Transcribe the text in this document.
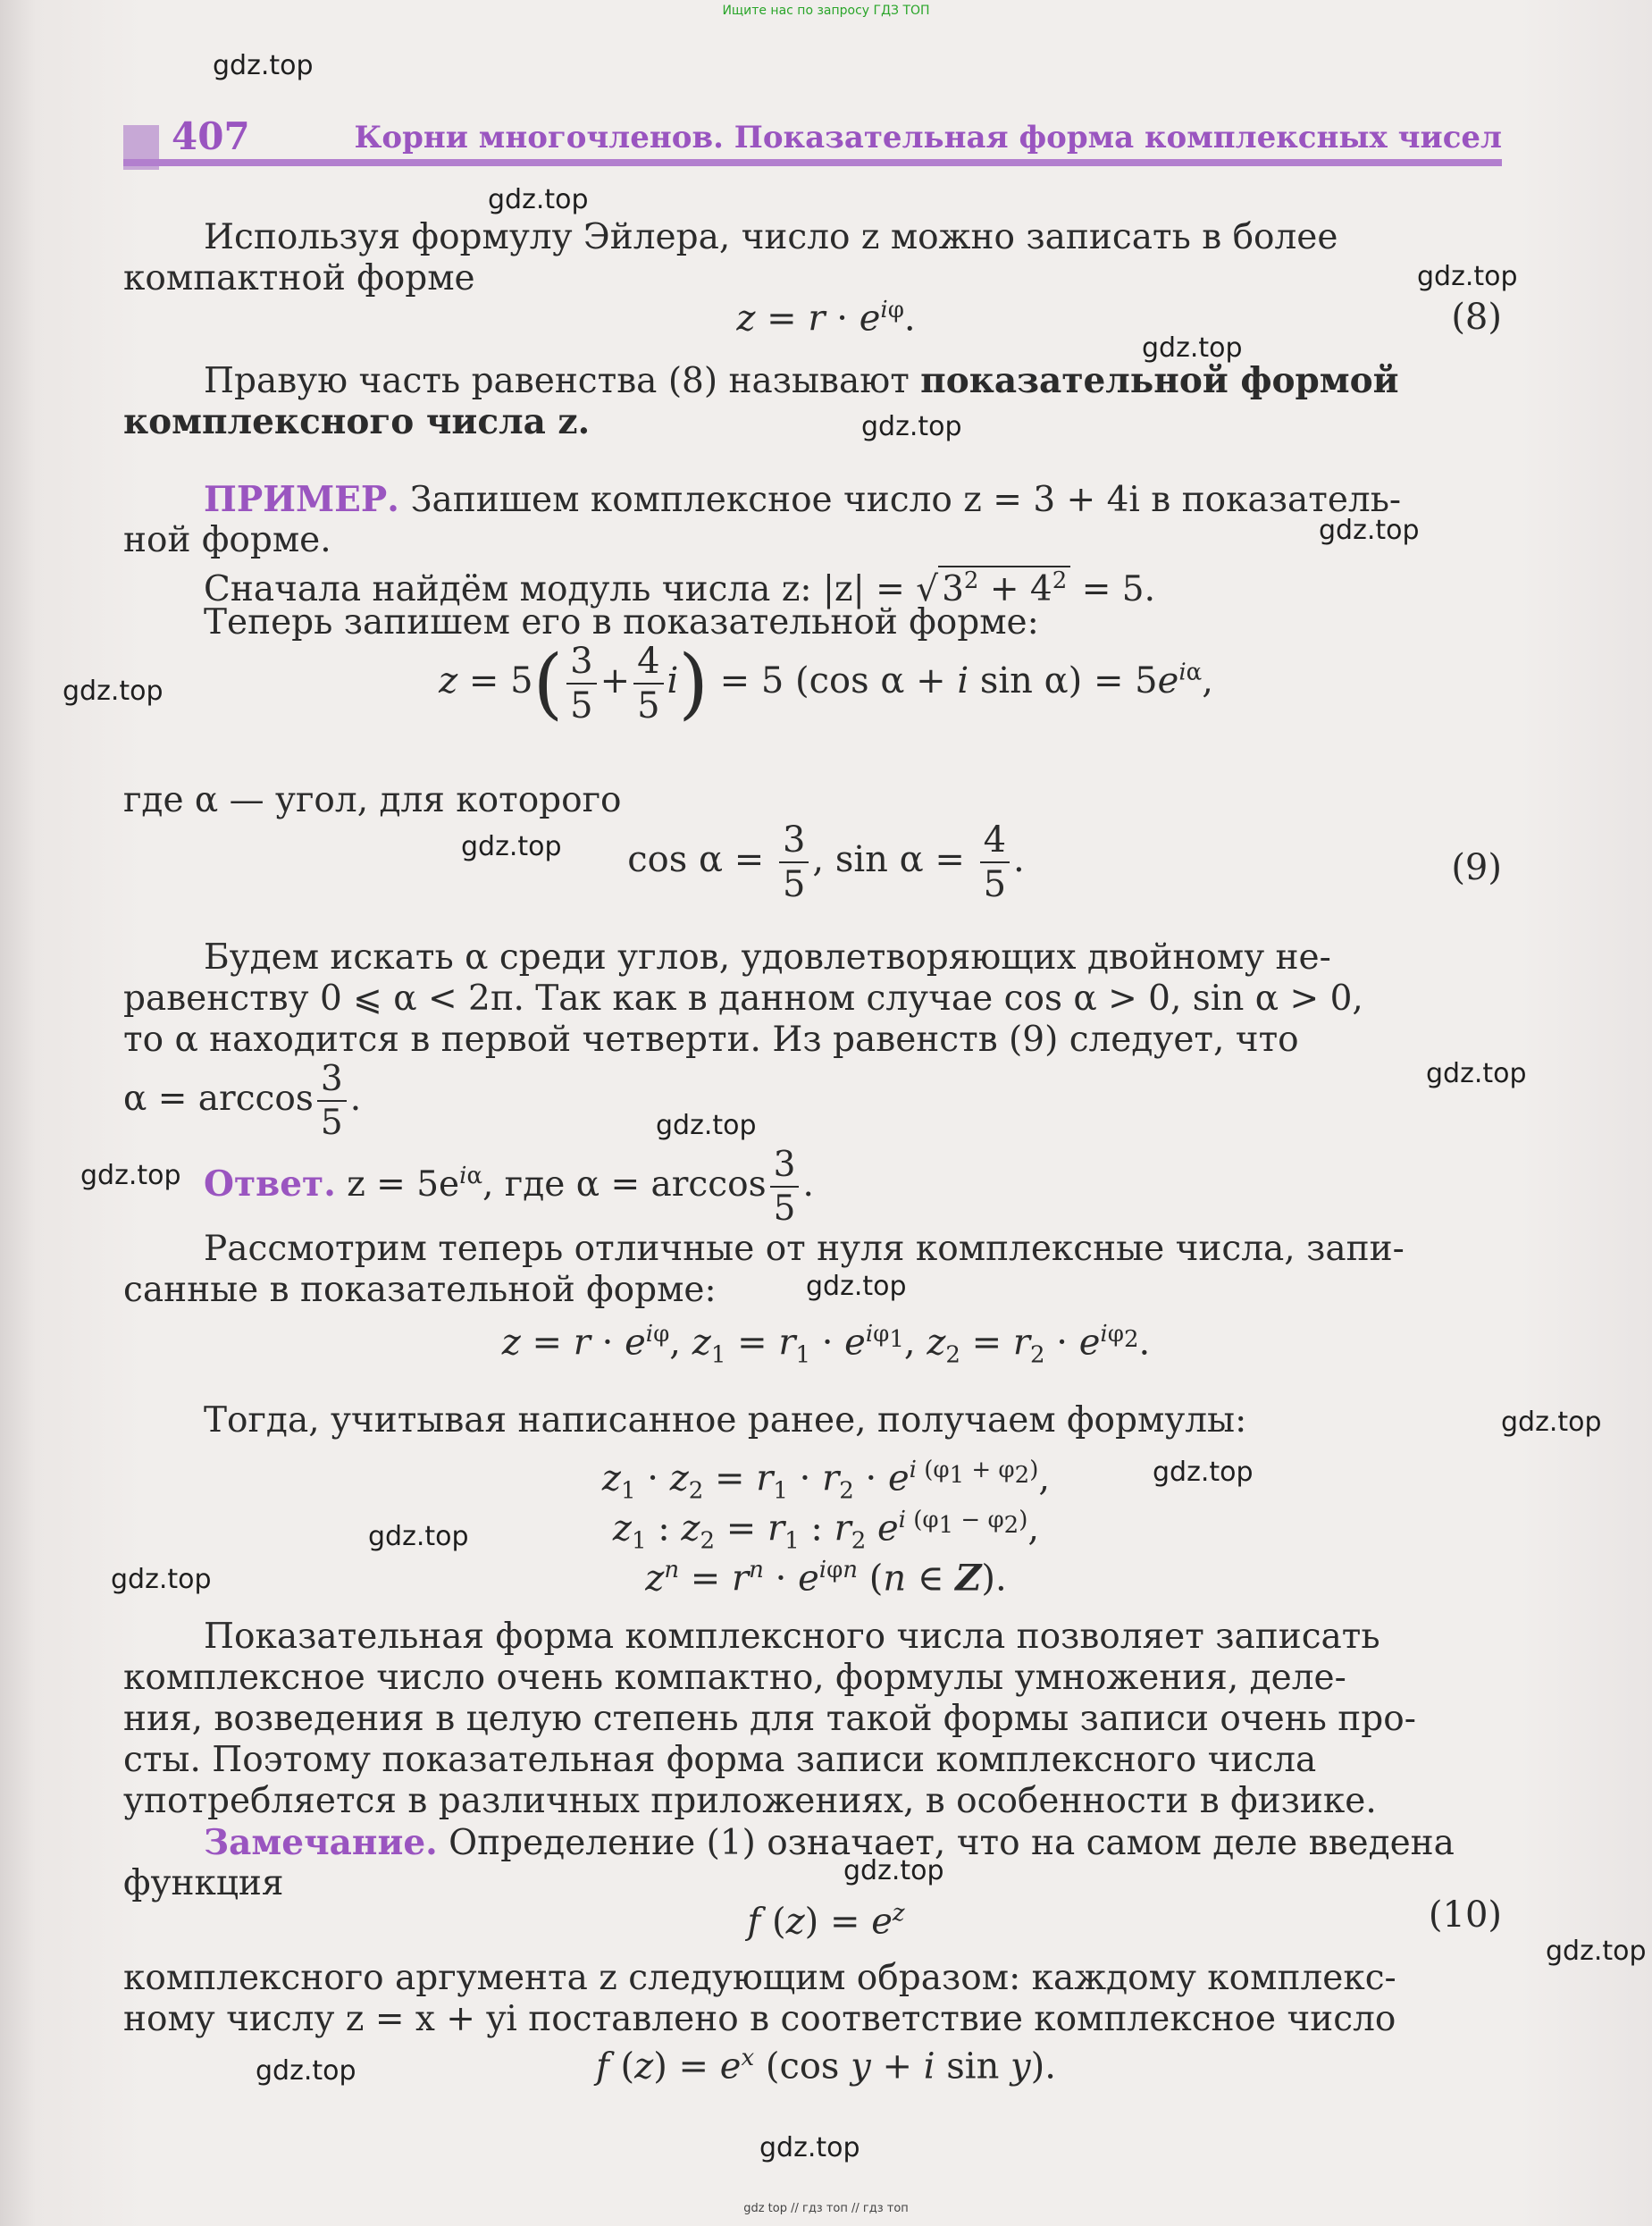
Ищите нас по запросу ГДЗ ТОП
407	Корни многочленов. Показательная форма комплексных чисел
Используя формулу Эйлера, число z можно записать в более
компактной форме
$z = r \cdot e^{i\varphi}$.	(8)
Правую часть равенства (8) называют показательной формой
комплексного числа z.
ПРИМЕР. Запишем комплексное число z = 3 + 4i в показатель-
ной форме.
Сначала найдём модуль числа z: |z| = √ $3^2 + 4^2 = 5$.
Теперь запишем его в показательной форме:
$z = 5( \frac{3}{5} + \frac{4}{5} i) = 5$ (cos α + i $\sin \alpha) = 5e^{i\alpha}$,
где α — угол, для которого
$\cos \alpha = \frac{3}{5}$ , $\sin \alpha = \frac{4}{5}$ .	(9)
Будем искать α среди углов, удовлетворяющих двойному не-
равенству 0 ⩽ α < 2π. Так как в данном случае cos α > 0, sin α > 0,
то α находится в первой четверти. Из равенств (9) следует, что
$\alpha = \arccos \frac{3}{5}$ .
Ответ. $z = 5e^{i\alpha}$, где $\alpha = \arccos \frac{3}{5}$ .
Рассмотрим теперь отличные от нуля комплексные числа, запи-
санные в показательной форме:
$z = r \cdot e^{i\varphi}$, $z_1 = r_1 \cdot e^{i\varphi_1}$, $z_2 = r_2 \cdot e^{i\varphi_2}$.
Тогда, учитывая написанное ранее, получаем формулы:
$z_1 \cdot z_2 = r_1 \cdot r_2 \cdot e^{i (\varphi_1 + \varphi_2)}$,
$z_1$ : $z_2 = r_1$ : $r_2$ $e^{i (\varphi_1 - \varphi_2)}$,
$z^n = r^n \cdot e^{i\varphi n}$ (n ∈ Z).
Показательная форма комплексного числа позволяет записать
комплексное число очень компактно, формулы умножения, деле-
ния, возведения в целую степень для такой формы записи очень про-
сты. Поэтому показательная форма записи комплексного числа
употребляется в различных приложениях, в особенности в физике.
Замечание. Определение (1) означает, что на самом деле введена
функция
f $(z) = e^z$	(10)
комплексного аргумента z следующим образом: каждому комплекс-
ному числу z = x + yi поставлено в соответствие комплексное число
f $(z) = e^x$ (cos y + i sin y).
gdz.top
gdz.top
gdz.top
gdz.top
gdz.top
gdz.top
gdz.top
gdz.top
gdz.top
gdz.top
gdz.top
gdz.top
gdz.top
gdz.top
gdz.top
gdz.top
gdz.top
gdz.top
gdz.top
gdz.top
gdz top // гдз топ // гдз топ
